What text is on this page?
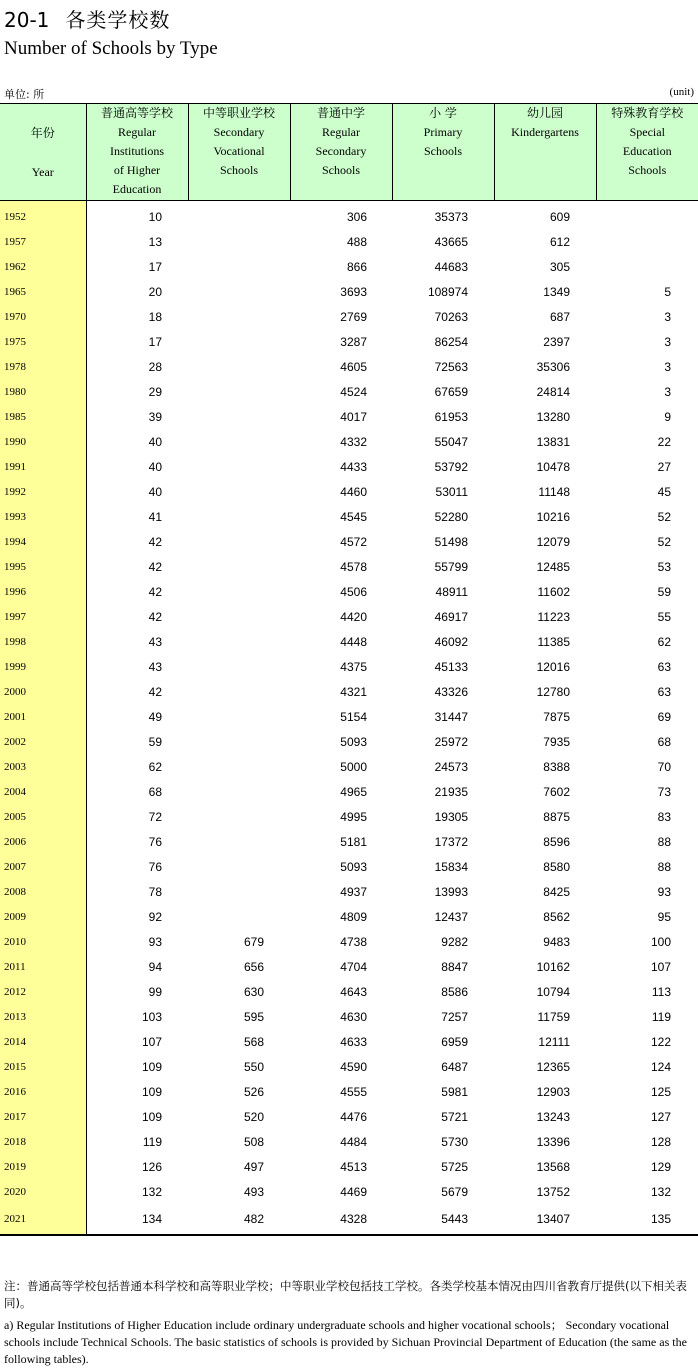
20-1 各类学校数
Number of Schools by Type
单位: 所	(unit)
年份
Year	普通高等学校
Regular
Institutions
of Higher
Education	中等职业学校
Secondary
Vocational
Schools	普通中学
Regular
Secondary
Schools	小 学
Primary
Schools	幼儿园
Kindergartens	特殊教育学校
Special
Education
Schools

1952	10		306	35373	609	
1957	13		488	43665	612	
1962	17		866	44683	305	
1965	20		3693	108974	1349	5
1970	18		2769	70263	687	3
1975	17		3287	86254	2397	3
1978	28		4605	72563	35306	3
1980	29		4524	67659	24814	3
1985	39		4017	61953	13280	9
1990	40		4332	55047	13831	22
1991	40		4433	53792	10478	27
1992	40		4460	53011	11148	45
1993	41		4545	52280	10216	52
1994	42		4572	51498	12079	52
1995	42		4578	55799	12485	53
1996	42		4506	48911	11602	59
1997	42		4420	46917	11223	55
1998	43		4448	46092	11385	62
1999	43		4375	45133	12016	63
2000	42		4321	43326	12780	63
2001	49		5154	31447	7875	69
2002	59		5093	25972	7935	68
2003	62		5000	24573	8388	70
2004	68		4965	21935	7602	73
2005	72		4995	19305	8875	83
2006	76		5181	17372	8596	88
2007	76		5093	15834	8580	88
2008	78		4937	13993	8425	93
2009	92		4809	12437	8562	95
2010	93	679	4738	9282	9483	100
2011	94	656	4704	8847	10162	107
2012	99	630	4643	8586	10794	113
2013	103	595	4630	7257	11759	119
2014	107	568	4633	6959	12111	122
2015	109	550	4590	6487	12365	124
2016	109	526	4555	5981	12903	125
2017	109	520	4476	5721	13243	127
2018	119	508	4484	5730	13396	128
2019	126	497	4513	5725	13568	129
2020	132	493	4469	5679	13752	132
2021	134	482	4328	5443	13407	135
注：普通高等学校包括普通本科学校和高等职业学校；中等职业学校包括技工学校。各类学校基本情况由四川省教育厅提供(以下相关表同)。
a) Regular Institutions of Higher Education include ordinary undergraduate schools and higher vocational schools； Secondary vocational schools include Technical Schools. The basic statistics of schools is provided by Sichuan Provincial Department of Education (the same as the following tables).
